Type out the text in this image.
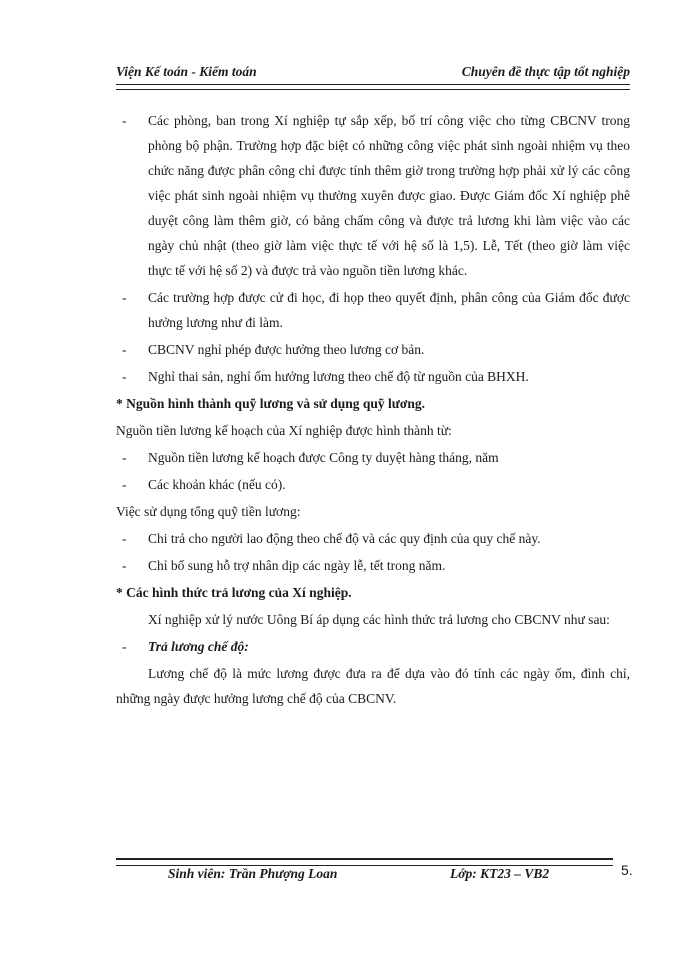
Viện Kế toán - Kiểm toán	Chuyên đề thực tập tốt nghiệp
-	Các phòng, ban trong Xí nghiệp tự sắp xếp, bố trí công việc cho từng CBCNV trong phòng bộ phận. Trường hợp đặc biệt có những công việc phát sinh ngoài nhiệm vụ theo chức năng được phân công chỉ được tính thêm giờ trong trường hợp phải xử lý các công việc phát sinh ngoài nhiệm vụ thường xuyên được giao. Được Giám đốc Xí nghiệp phê duyệt công làm thêm giờ, có bảng chấm công và được trả lương khi làm việc vào các ngày chủ nhật (theo giờ làm việc thực tế với hệ số là 1,5). Lễ, Tết (theo giờ làm việc thực tế với hệ số 2) và được trả vào nguồn tiền lương khác.
-	Các trường hợp được cử đi học, đi họp theo quyết định, phân công của Giám đốc được hưởng lương như đi làm.
-	CBCNV nghỉ phép được hưởng theo lương cơ bản.
-	Nghỉ thai sản, nghỉ ốm hưởng lương theo chế độ từ nguồn của BHXH.
* Nguồn hình thành quỹ lương và sử dụng quỹ lương.
Nguồn tiền lương kế hoạch của Xí nghiệp được hình thành từ:
-	Nguồn tiền lương kế hoạch được Công ty duyệt hàng tháng, năm
-	Các khoản khác (nếu có).
Việc sử dụng tổng quỹ tiền lương:
-	Chi trả cho người lao động theo chế độ và các quy định của quy chế này.
-	Chỉ bổ sung hỗ trợ nhân dịp các ngày lễ, tết trong năm.
* Các hình thức trả lương của Xí nghiệp.
Xí nghiệp xử lý nước Uông Bí áp dụng các hình thức trả lương cho CBCNV như sau:
-	Trả lương chế độ:
Lương chế độ là mức lương được đưa ra để dựa vào đó tính các ngày ốm, đình chỉ, những ngày được hưởng lương chế độ của CBCNV.
Sinh viên: Trần Phượng Loan	Lớp: KT23 – VB2	5.
